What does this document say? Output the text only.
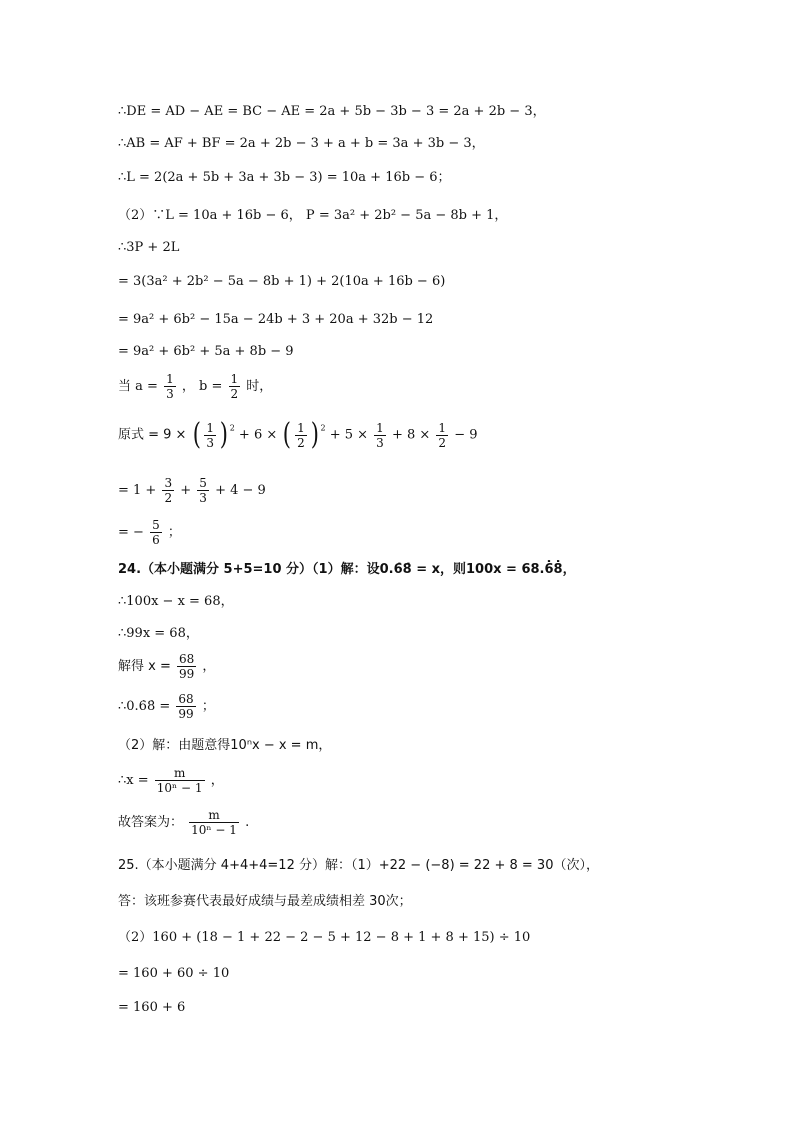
∴DE = AD − AE = BC − AE = 2a + 5b − 3b − 3 = 2a + 2b − 3，
∴AB = AF + BF = 2a + 2b − 3 + a + b = 3a + 3b − 3，
∴L = 2(2a + 5b + 3a + 3b − 3) = 10a + 16b − 6；
（2）∵L = 10a + 16b − 6， P = 3a² + 2b² − 5a − 8b + 1，
∴3P + 2L
= 3(3a² + 2b² − 5a − 8b + 1) + 2(10a + 16b − 6)
= 9a² + 6b² − 15a − 24b + 3 + 20a + 32b − 12
= 9a² + 6b² + 5a + 8b − 9
当 $a = \frac{1}{3}$ ， $b = \frac{1}{2}$ 时，
原式 = 9 × ( $\frac{1}{3}$ ) $^2$ + 6 × ( $\frac{1}{2}$ ) $^2 + 5 \times \frac{1}{3} + 8 \times \frac{1}{2} - 9$
= $1 + \frac{3}{2} + \frac{5}{3} + 4 - 9$
= − $\frac{5}{6}$ ；
24.（本小题满分 5+5=10 分）（1）解：设0.6̇8̇ = x，则100x = 68.6̇8̇，
∴100x − x = 68，
∴99x = 68，
解得 $x = \frac{68}{99}$ ，
∴0.6̇8̇ = $\frac{68}{99}$ ；
（2）解：由题意得10ⁿx − x = m，
∴x = $\frac{m}{\text{10ⁿ − 1}}$ ，
故答案为： $\frac{m}{\text{10ⁿ − 1}}$ .
25.（本小题满分 4+4+4=12 分）解：（1）+22 − (−8) = 22 + 8 = 30（次），
答：该班参赛代表最好成绩与最差成绩相差 30次；
（2）160 + (18 − 1 + 22 − 2 − 5 + 12 − 8 + 1 + 8 + 15) ÷ 10
= 160 + 60 ÷ 10
= 160 + 6
